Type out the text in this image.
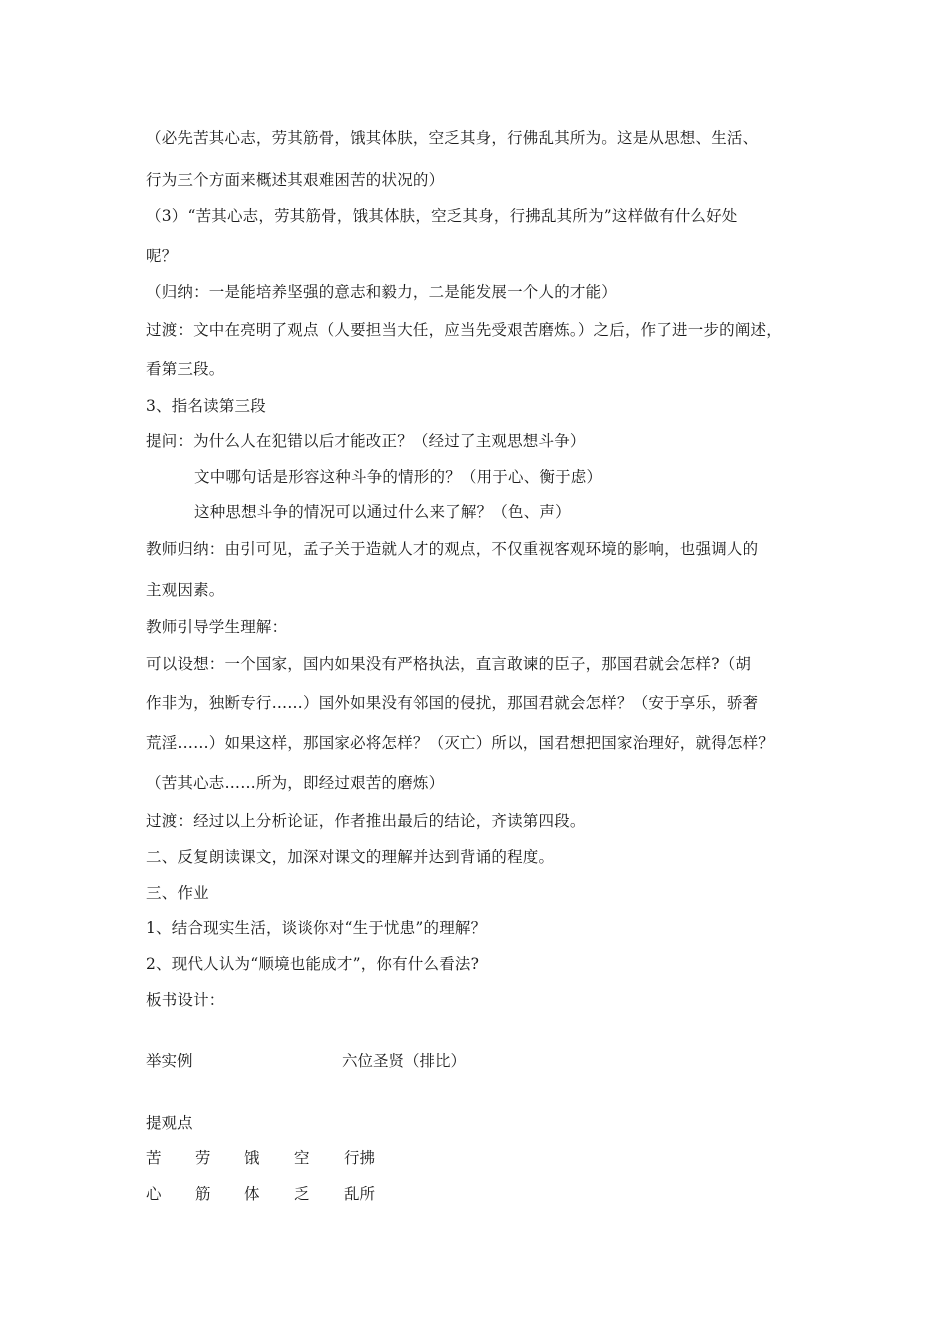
（必先苦其心志，劳其筋骨，饿其体肤，空乏其身，行佛乱其所为。这是从思想、生活、
行为三个方面来概述其艰难困苦的状况的）
（3）“苦其心志，劳其筋骨，饿其体肤，空乏其身，行拂乱其所为”这样做有什么好处
呢？
（归纳：一是能培养坚强的意志和毅力，二是能发展一个人的才能）
过渡：文中在亮明了观点（人要担当大任，应当先受艰苦磨炼。）之后，作了进一步的阐述，
看第三段。
3、指名读第三段
提问：为什么人在犯错以后才能改正？（经过了主观思想斗争）
文中哪句话是形容这种斗争的情形的？（用于心、衡于虑）
这种思想斗争的情况可以通过什么来了解？（色、声）
教师归纳：由引可见，孟子关于造就人才的观点，不仅重视客观环境的影响，也强调人的
主观因素。
教师引导学生理解：
可以设想：一个国家，国内如果没有严格执法，直言敢谏的臣子，那国君就会怎样?（胡
作非为，独断专行……）国外如果没有邻国的侵扰，那国君就会怎样？（安于享乐，骄奢
荒淫……）如果这样，那国家必将怎样？（灭亡）所以，国君想把国家治理好，就得怎样？
（苦其心志……所为，即经过艰苦的磨炼）
过渡：经过以上分析论证，作者推出最后的结论，齐读第四段。
二、反复朗读课文，加深对课文的理解并达到背诵的程度。
三、作业
1、结合现实生活，谈谈你对“生于忧患”的理解？
2、现代人认为“顺境也能成才”，你有什么看法?
板书设计：
举实例	六位圣贤（排比）
提观点
苦 劳 饿 空 行拂
心 筋 体 乏 乱所
